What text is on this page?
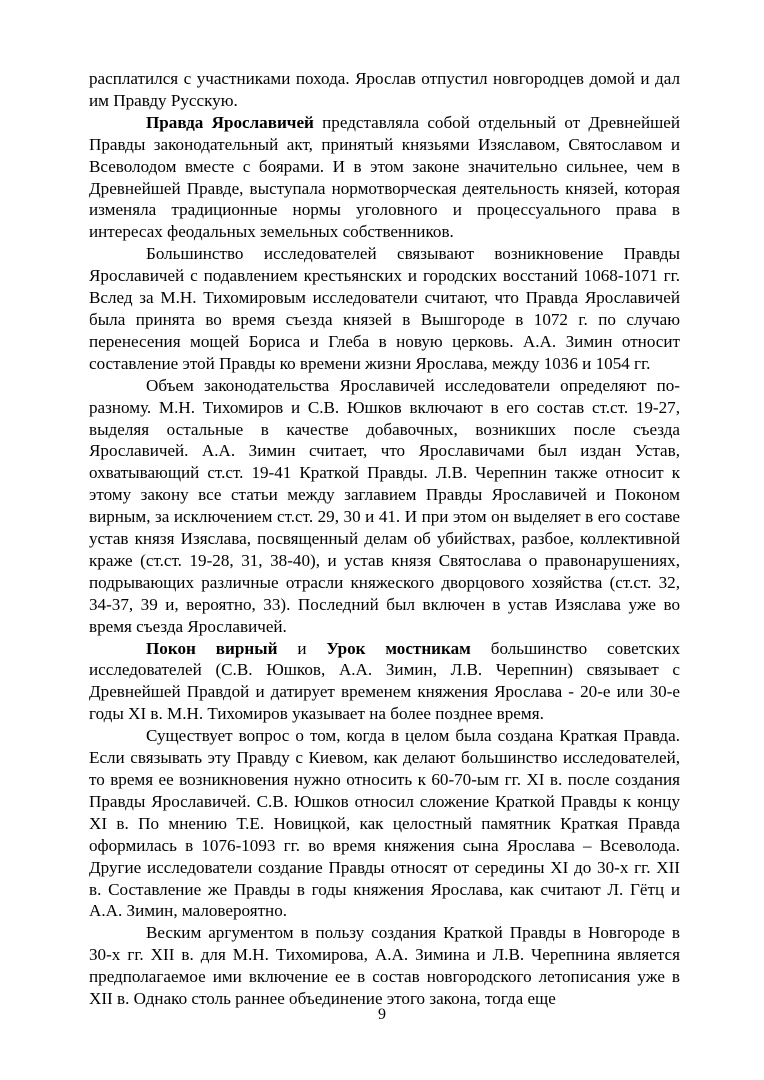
расплатился с участниками похода. Ярослав отпустил новгородцев домой и дал им Правду Русскую.

Правда Ярославичей представляла собой отдельный от Древнейшей Правды законодательный акт, принятый князьями Изяславом, Святославом и Всеволодом вместе с боярами. И в этом законе значительно сильнее, чем в Древнейшей Правде, выступала нормотворческая деятельность князей, которая изменяла традиционные нормы уголовного и процессуального права в интересах феодальных земельных собственников.

Большинство исследователей связывают возникновение Правды Ярославичей с подавлением крестьянских и городских восстаний 1068-1071 гг. Вслед за М.Н. Тихомировым исследователи считают, что Правда Ярославичей была принята во время съезда князей в Вышгороде в 1072 г. по случаю перенесения мощей Бориса и Глеба в новую церковь. А.А. Зимин относит составление этой Правды ко времени жизни Ярослава, между 1036 и 1054 гг.

Объем законодательства Ярославичей исследователи определяют по-разному. М.Н. Тихомиров и С.В. Юшков включают в его состав ст.ст. 19-27, выделяя остальные в качестве добавочных, возникших после съезда Ярославичей. А.А. Зимин считает, что Ярославичами был издан Устав, охватывающий ст.ст. 19-41 Краткой Правды. Л.В. Черепнин также относит к этому закону все статьи между заглавием Правды Ярославичей и Поконом вирным, за исключением ст.ст. 29, 30 и 41. И при этом он выделяет в его составе устав князя Изяслава, посвященный делам об убийствах, разбое, коллективной краже (ст.ст. 19-28, 31, 38-40), и устав князя Святослава о правонарушениях, подрывающих различные отрасли княжеского дворцового хозяйства (ст.ст. 32, 34-37, 39 и, вероятно, 33). Последний был включен в устав Изяслава уже во время съезда Ярославичей.

Покон вирный и Урок мостникам большинство советских исследователей (С.В. Юшков, А.А. Зимин, Л.В. Черепнин) связывает с Древнейшей Правдой и датирует временем княжения Ярослава - 20-е или 30-е годы XI в. М.Н. Тихомиров указывает на более позднее время.

Существует вопрос о том, когда в целом была создана Краткая Правда. Если связывать эту Правду с Киевом, как делают большинство исследователей, то время ее возникновения нужно относить к 60-70-ым гг. XI в. после создания Правды Ярославичей. С.В. Юшков относил сложение Краткой Правды к концу XI в. По мнению Т.Е. Новицкой, как целостный памятник Краткая Правда оформилась в 1076-1093 гг. во время княжения сына Ярослава – Всеволода. Другие исследователи создание Правды относят от середины XI до 30-х гг. XII в. Составление же Правды в годы княжения Ярослава, как считают Л. Гётц и А.А. Зимин, маловероятно.

Веским аргументом в пользу создания Краткой Правды в Новгороде в 30-х гг. XII в. для М.Н. Тихомирова, А.А. Зимина и Л.В. Черепнина является предполагаемое ими включение ее в состав новгородского летописания уже в XII в. Однако столь раннее объединение этого закона, тогда еще

9
